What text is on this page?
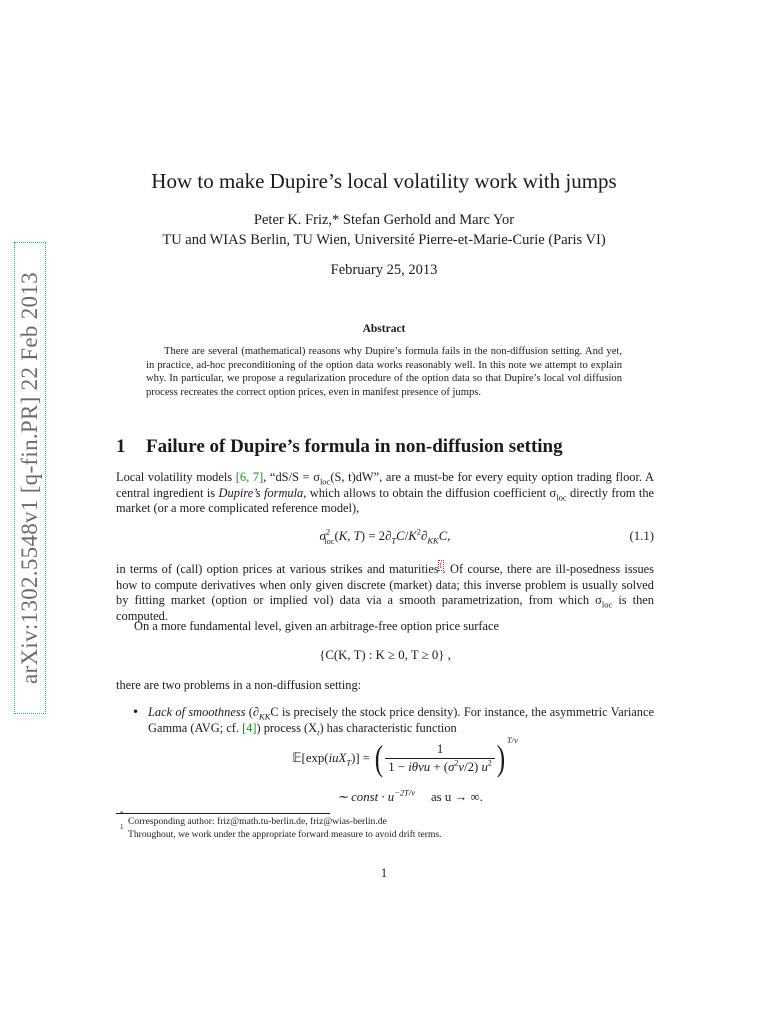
arXiv:1302.5548v1 [q-fin.PR] 22 Feb 2013
How to make Dupire’s local volatility work with jumps
Peter K. Friz,* Stefan Gerhold and Marc Yor
TU and WIAS Berlin, TU Wien, Université Pierre-et-Marie-Curie (Paris VI)
February 25, 2013
Abstract
There are several (mathematical) reasons why Dupire’s formula fails in the non-diffusion setting. And yet, in practice, ad-hoc preconditioning of the option data works reasonably well. In this note we attempt to explain why. In particular, we propose a regularization procedure of the option data so that Dupire’s local vol diffusion process recreates the correct option prices, even in manifest presence of jumps.
1 Failure of Dupire’s formula in non-diffusion setting
Local volatility models [6, 7], “$dS/S = \sigma_{loc}(S$, t)dW”, are a must-be for every equity option trading floor. A central ingredient is Dupire’s formula, which allows to obtain the diffusion coefficient $\sigma_{loc}$ directly from the market (or a more complicated reference model),
$\sigma^2_{loc}(K$, $T) = 2\partial_TC/K^2\partial_{KK}C$,	(1.1)
in terms of (call) option prices at various strikes and maturities$^1$. Of course, there are ill-posedness issues how to compute derivatives when only given discrete (market) data; this inverse problem is usually solved by fitting market (option or implied vol) data via a smooth parametrization, from which $\sigma_{loc}$ is then computed.
On a more fundamental level, given an arbitrage-free option price surface
{C(K, T) : K ≥ 0, T ≥ 0} ,
there are two problems in a non-diffusion setting:
• Lack of smoothness ($\partial_{KK}C$ is precisely the stock price density). For instance, the asymmetric Variance Gamma (AVG; cf. [4]) process $(X_t)$ has characteristic function
𝔼[exp(iuX$_T$)] = ( $\frac{1}{1 - i\theta\nu u + (\sigma^2\nu/2) u^2}$ ) $^{T/\nu}$
∼ const · $u^{-2T/\nu}$ as u → ∞.
*
Corresponding author: friz@math.tu-berlin.de, friz@wias-berlin.de
1
Throughout, we work under the appropriate forward measure to avoid drift terms.
1
